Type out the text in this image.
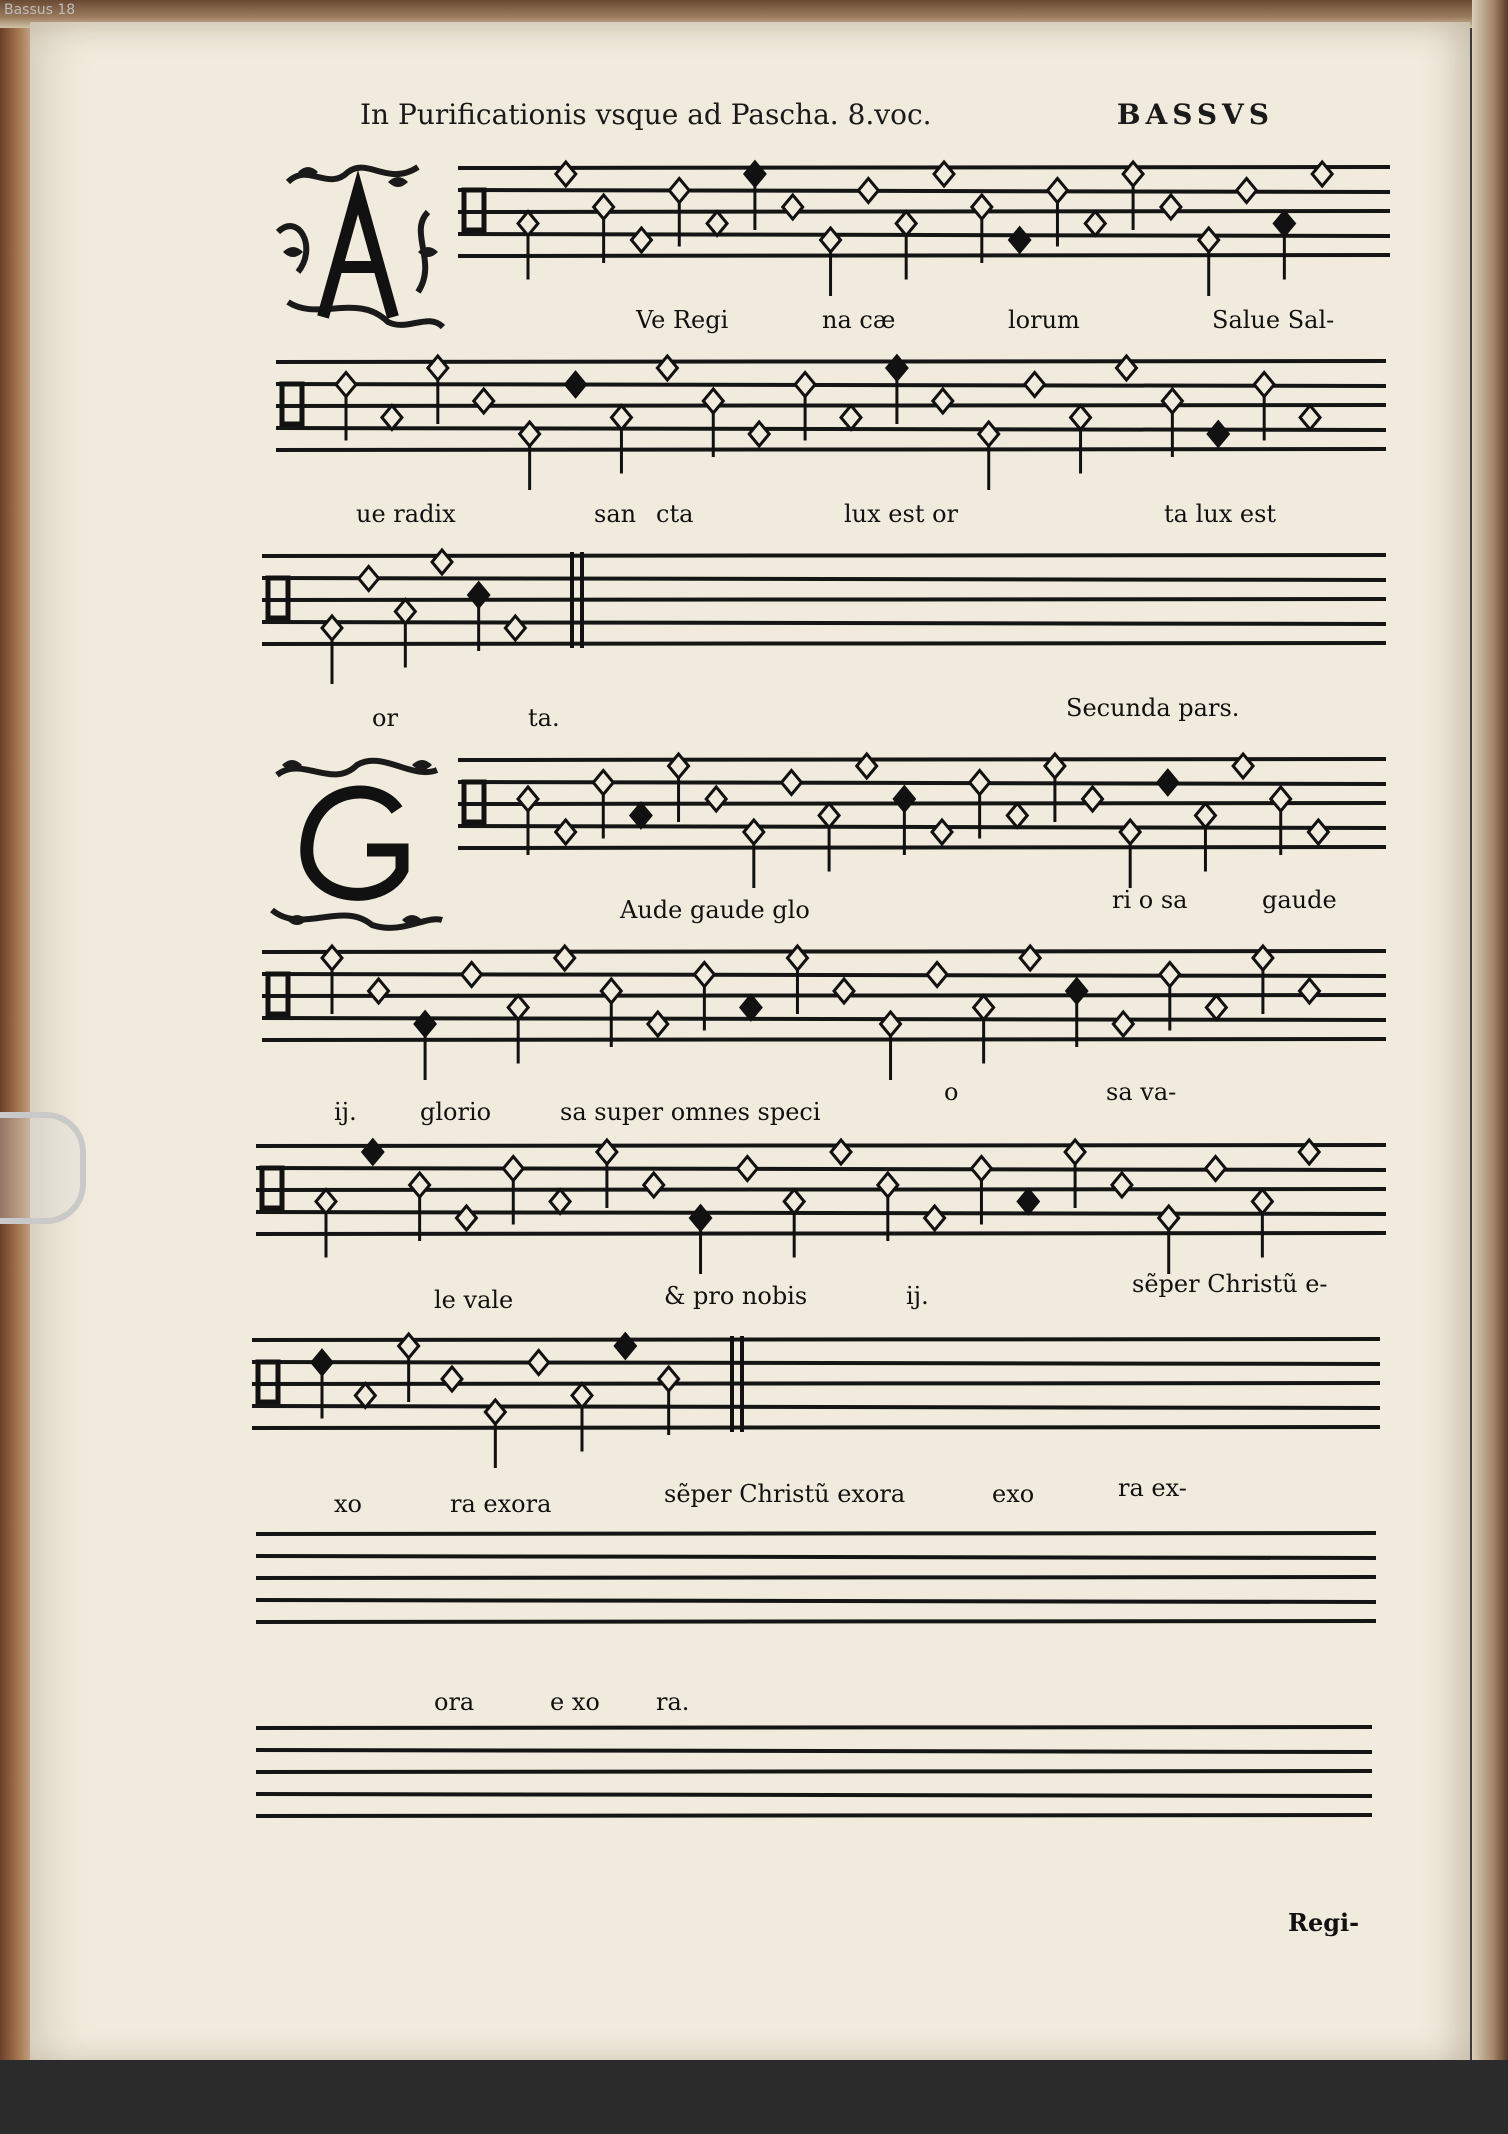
Bassus 18
In Purificationis vsque ad Pascha. 8.voc.	BASSVS
Ve Regi	na cæ	lorum	Salue Sal-
ue radix	san cta	lux est or	ta lux est
or	ta.	Secunda pars.
Aude gaude glo	ri o sa	gaude
ij.	glorio	sa super omnes speci
o	sa va-
le vale	& pro nobis	ij.	sẽper Christũ e-
xo	ra exora	sẽper Christũ exora	exo	ra ex-
ora	e xo ra.
Regi-
